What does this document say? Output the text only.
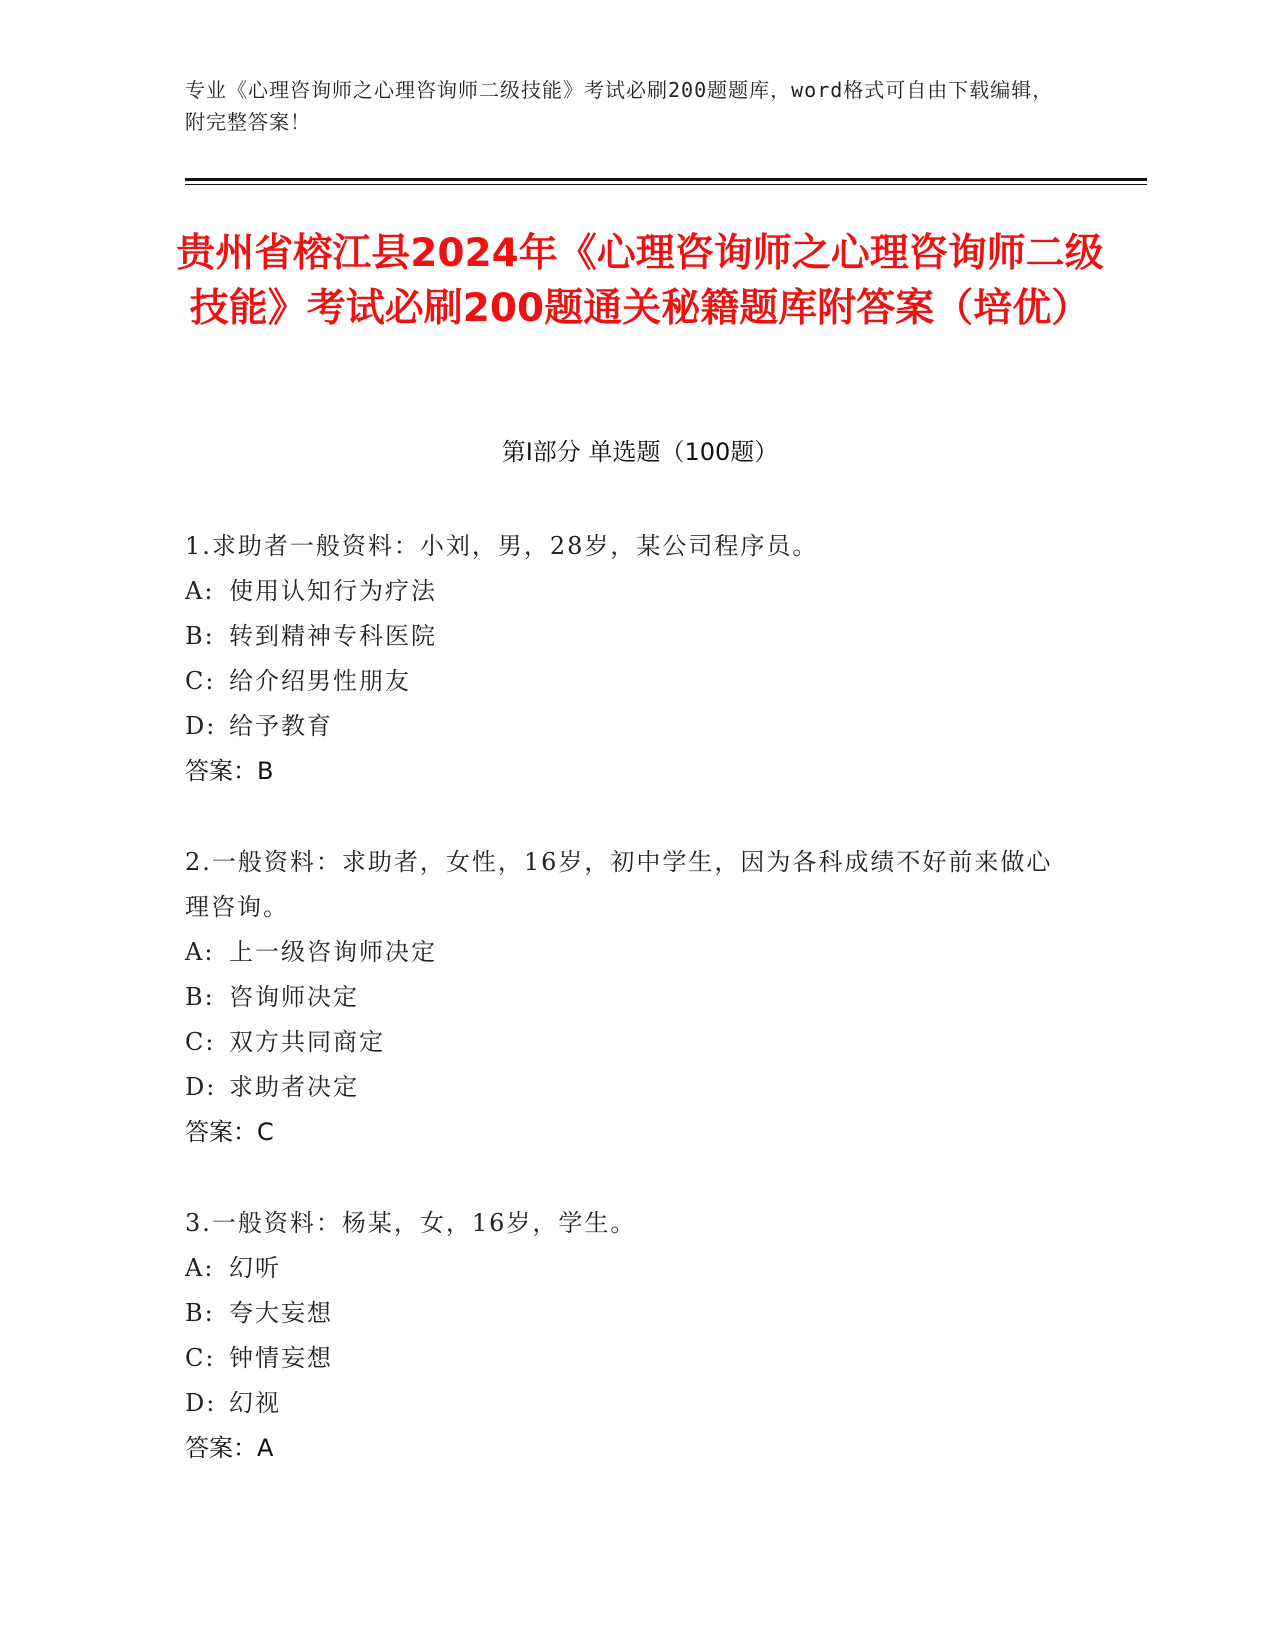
专业《心理咨询师之心理咨询师二级技能》考试必刷200题题库，word格式可自由下载编辑，附完整答案！
贵州省榕江县2024年《心理咨询师之心理咨询师二级技能》考试必刷200题通关秘籍题库附答案（培优）
第Ⅰ部分 单选题（100题）

1.求助者一般资料：小刘，男，28岁，某公司程序员。

A: 使用认知行为疗法

B: 转到精神专科医院

C: 给介绍男性朋友

D: 给予教育

答案：B

2.一般资料：求助者，女性，16岁，初中学生，因为各科成绩不好前来做心理咨询。

A: 上一级咨询师决定

B: 咨询师决定

C: 双方共同商定

D: 求助者决定

答案：C

3.一般资料：杨某，女，16岁，学生。

A: 幻听

B: 夸大妄想

C: 钟情妄想

D: 幻视

答案：A
